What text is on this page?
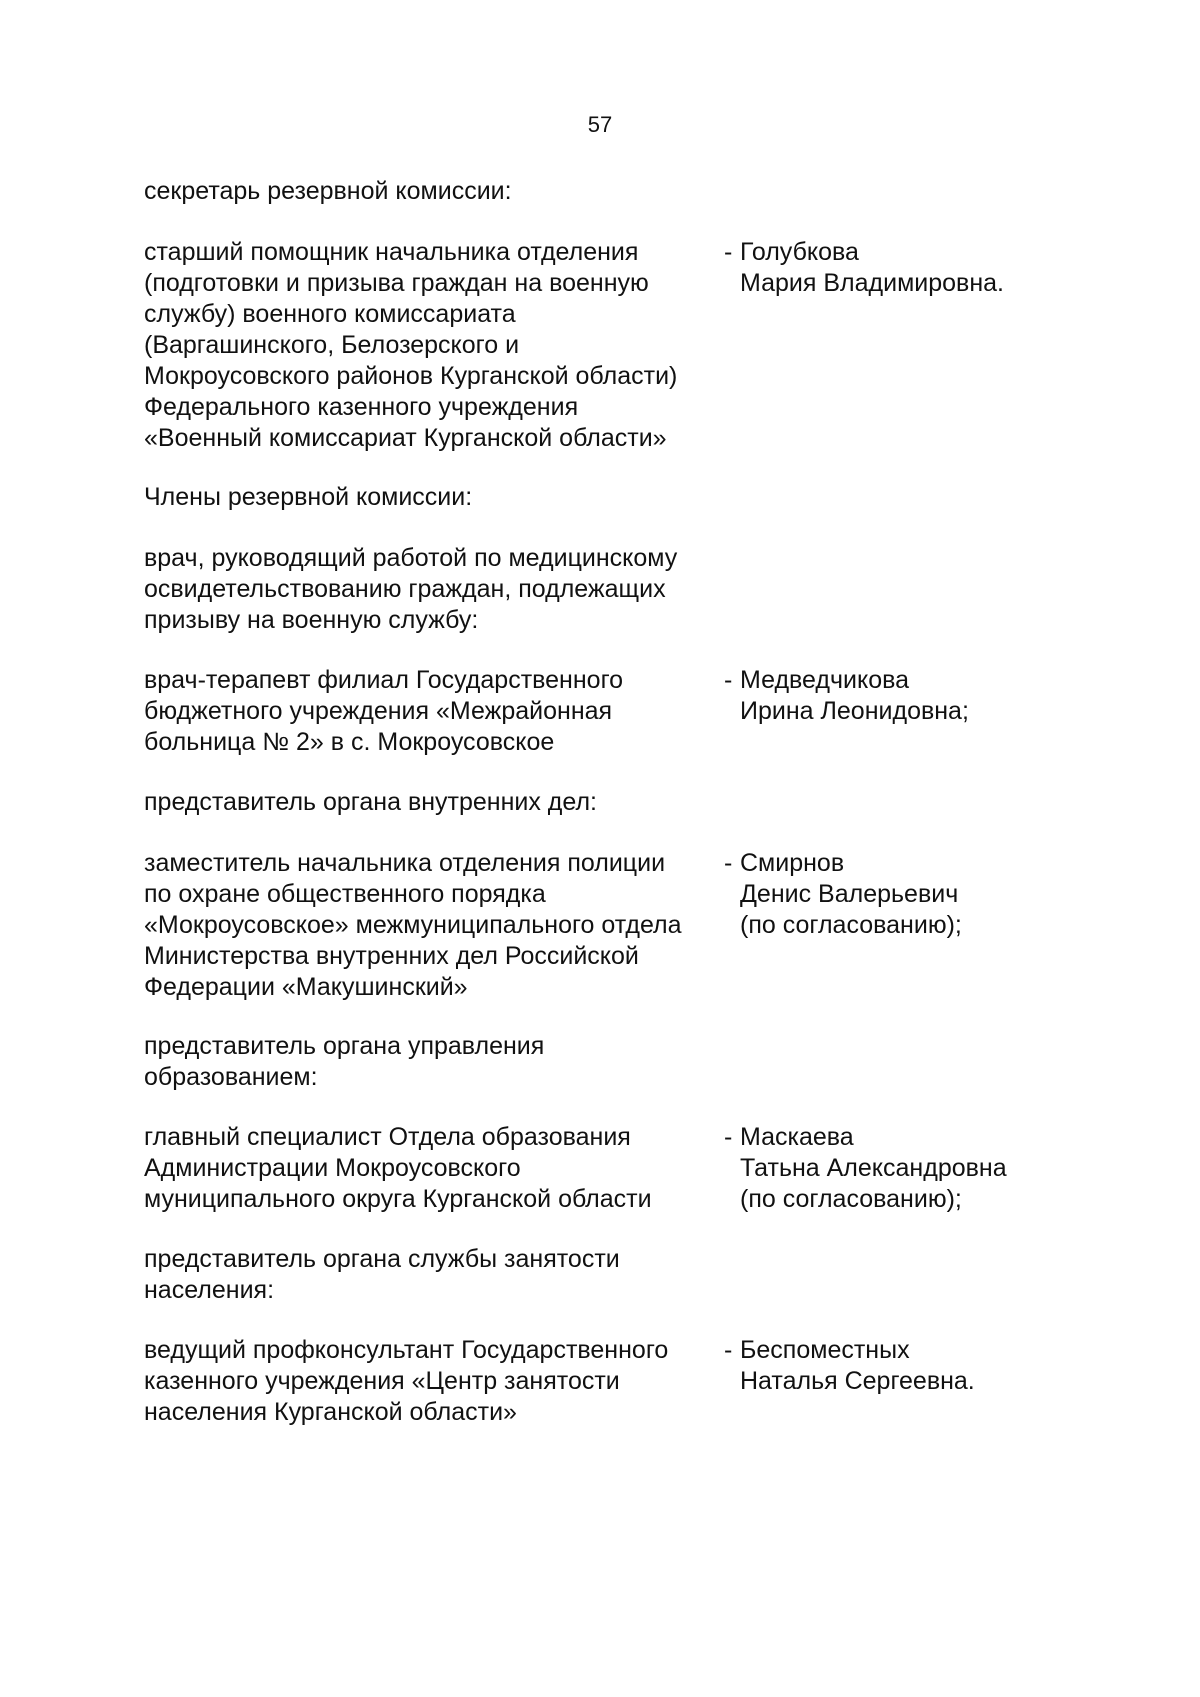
57
секретарь резервной комиссии:
старший помощник начальника отделения
(подготовки и призыва граждан на военную
службу) военного комиссариата
(Варгашинского, Белозерского и
Мокроусовского районов Курганской области)
Федерального казенного учреждения
«Военный комиссариат Курганской области»
- Голубкова
Мария Владимировна.
Члены резервной комиссии:
врач, руководящий работой по медицинскому
освидетельствованию граждан, подлежащих
призыву на военную службу:
врач-терапевт филиал Государственного
бюджетного учреждения «Межрайонная
больница № 2» в с. Мокроусовское
- Медведчикова
Ирина Леонидовна;
представитель органа внутренних дел:
заместитель начальника отделения полиции
по охране общественного порядка
«Мокроусовское» межмуниципального отдела
Министерства внутренних дел Российской
Федерации «Макушинский»
- Смирнов
Денис Валерьевич
(по согласованию);
представитель органа управления
образованием:
главный специалист Отдела образования
Администрации Мокроусовского
муниципального округа Курганской области
- Маскаева
Татьна Александровна
(по согласованию);
представитель органа службы занятости
населения:
ведущий профконсультант Государственного
казенного учреждения «Центр занятости
населения Курганской области»
- Беспоместных
Наталья Сергеевна.
